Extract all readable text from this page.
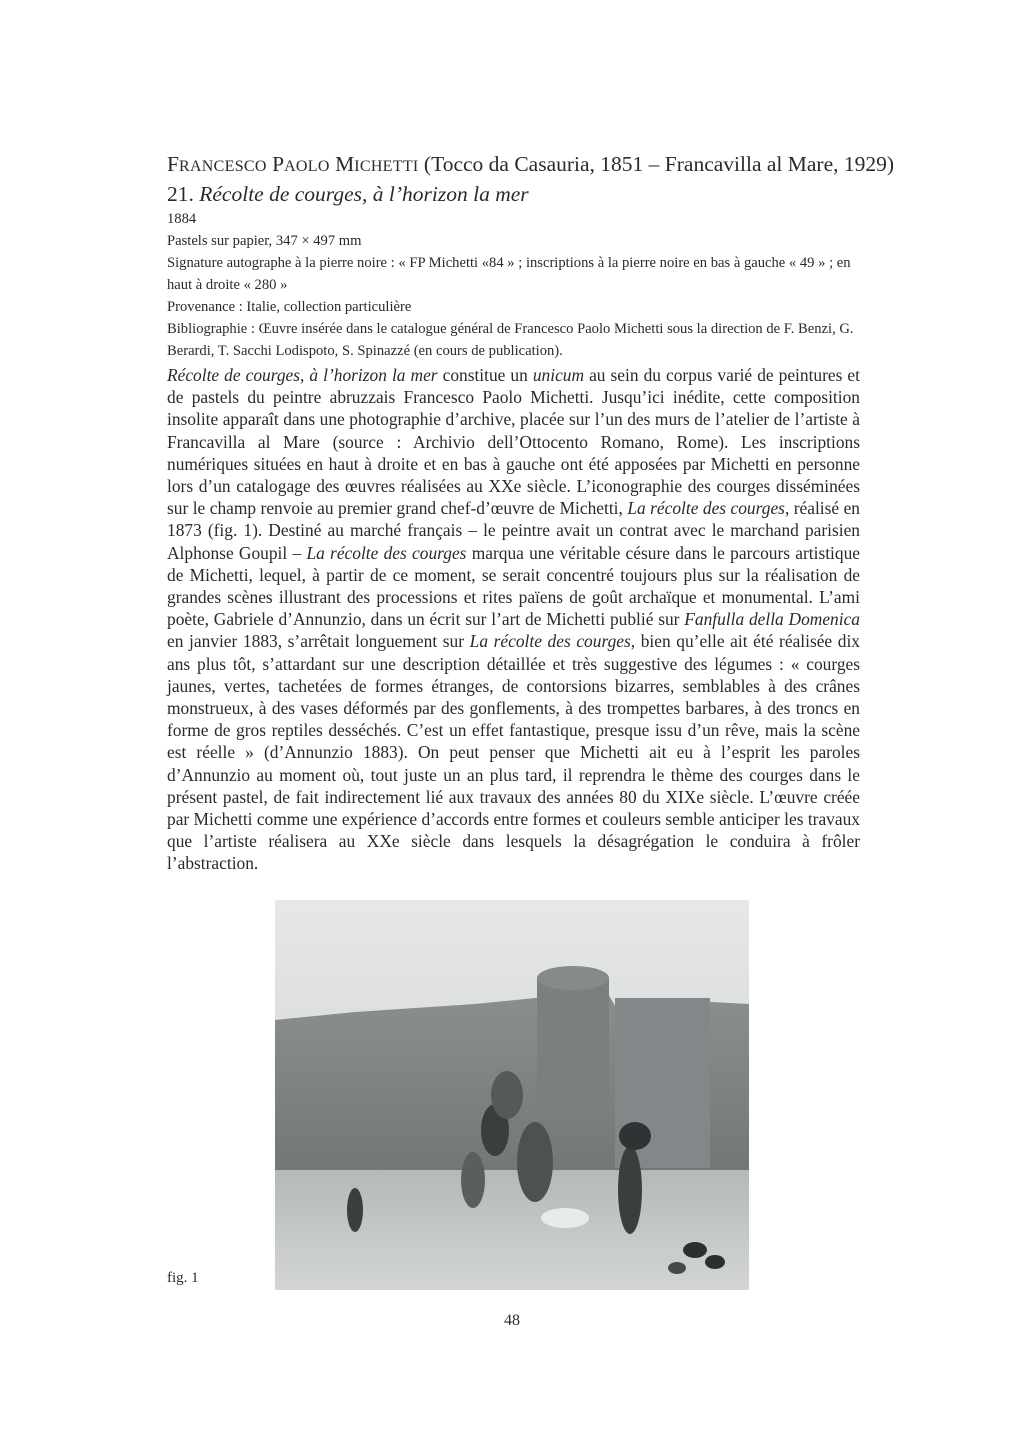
FRANCESCO PAOLO MICHETTI (Tocco da Casauria, 1851 – Francavilla al Mare, 1929)
21. Récolte de courges, à l’horizon la mer

1884

Pastels sur papier, 347 × 497 mm

Signature autographe à la pierre noire : « FP Michetti «84 » ; inscriptions à la pierre noire en bas à gauche « 49 » ; en haut à droite « 280 »

Provenance : Italie, collection particulière

Bibliographie : Œuvre insérée dans le catalogue général de Francesco Paolo Michetti sous la direction de F. Benzi, G. Berardi, T. Sacchi Lodispoto, S. Spinazzé (en cours de publication).

Récolte de courges, à l’horizon la mer constitue un unicum au sein du corpus varié de peintures et de pastels du peintre abruzzais Francesco Paolo Michetti. Jusqu’ici inédite, cette composition insolite apparaît dans une photographie d’archive, placée sur l’un des murs de l’atelier de l’artiste à Francavilla al Mare (source : Archivio dell’Ottocento Romano, Rome). Les inscriptions numériques situées en haut à droite et en bas à gauche ont été apposées par Michetti en personne lors d’un catalogage des œuvres réalisées au XXe siècle. L’iconographie des courges disséminées sur le champ renvoie au premier grand chef-d’œuvre de Michetti, La récolte des courges, réalisé en 1873 (fig. 1). Destiné au marché français – le peintre avait un contrat avec le marchand parisien Alphonse Goupil – La récolte des courges marqua une véritable césure dans le parcours artistique de Michetti, lequel, à partir de ce moment, se serait concentré toujours plus sur la réalisation de grandes scènes illustrant des processions et rites païens de goût archaïque et monumental. L’ami poète, Gabriele d’Annunzio, dans un écrit sur l’art de Michetti publié sur Fanfulla della Domenica en janvier 1883, s’arrêtait longuement sur La récolte des courges, bien qu’elle ait été réalisée dix ans plus tôt, s’attardant sur une description détaillée et très suggestive des légumes : « courges jaunes, vertes, tachetées de formes étranges, de contorsions bizarres, semblables à des crânes monstrueux, à des vases déformés par des gonflements, à des trompettes barbares, à des troncs en forme de gros reptiles desséchés. C’est un effet fantastique, presque issu d’un rêve, mais la scène est réelle » (d’Annunzio 1883). On peut penser que Michetti ait eu à l’esprit les paroles d’Annunzio au moment où, tout juste un an plus tard, il reprendra le thème des courges dans le présent pastel, de fait indirectement lié aux travaux des années 80 du XIXe siècle. L’œuvre créée par Michetti comme une expérience d’accords entre formes et couleurs semble anticiper les travaux que l’artiste réalisera au XXe siècle dans lesquels la désagrégation le conduira à frôler l’abstraction.

fig. 1
48
